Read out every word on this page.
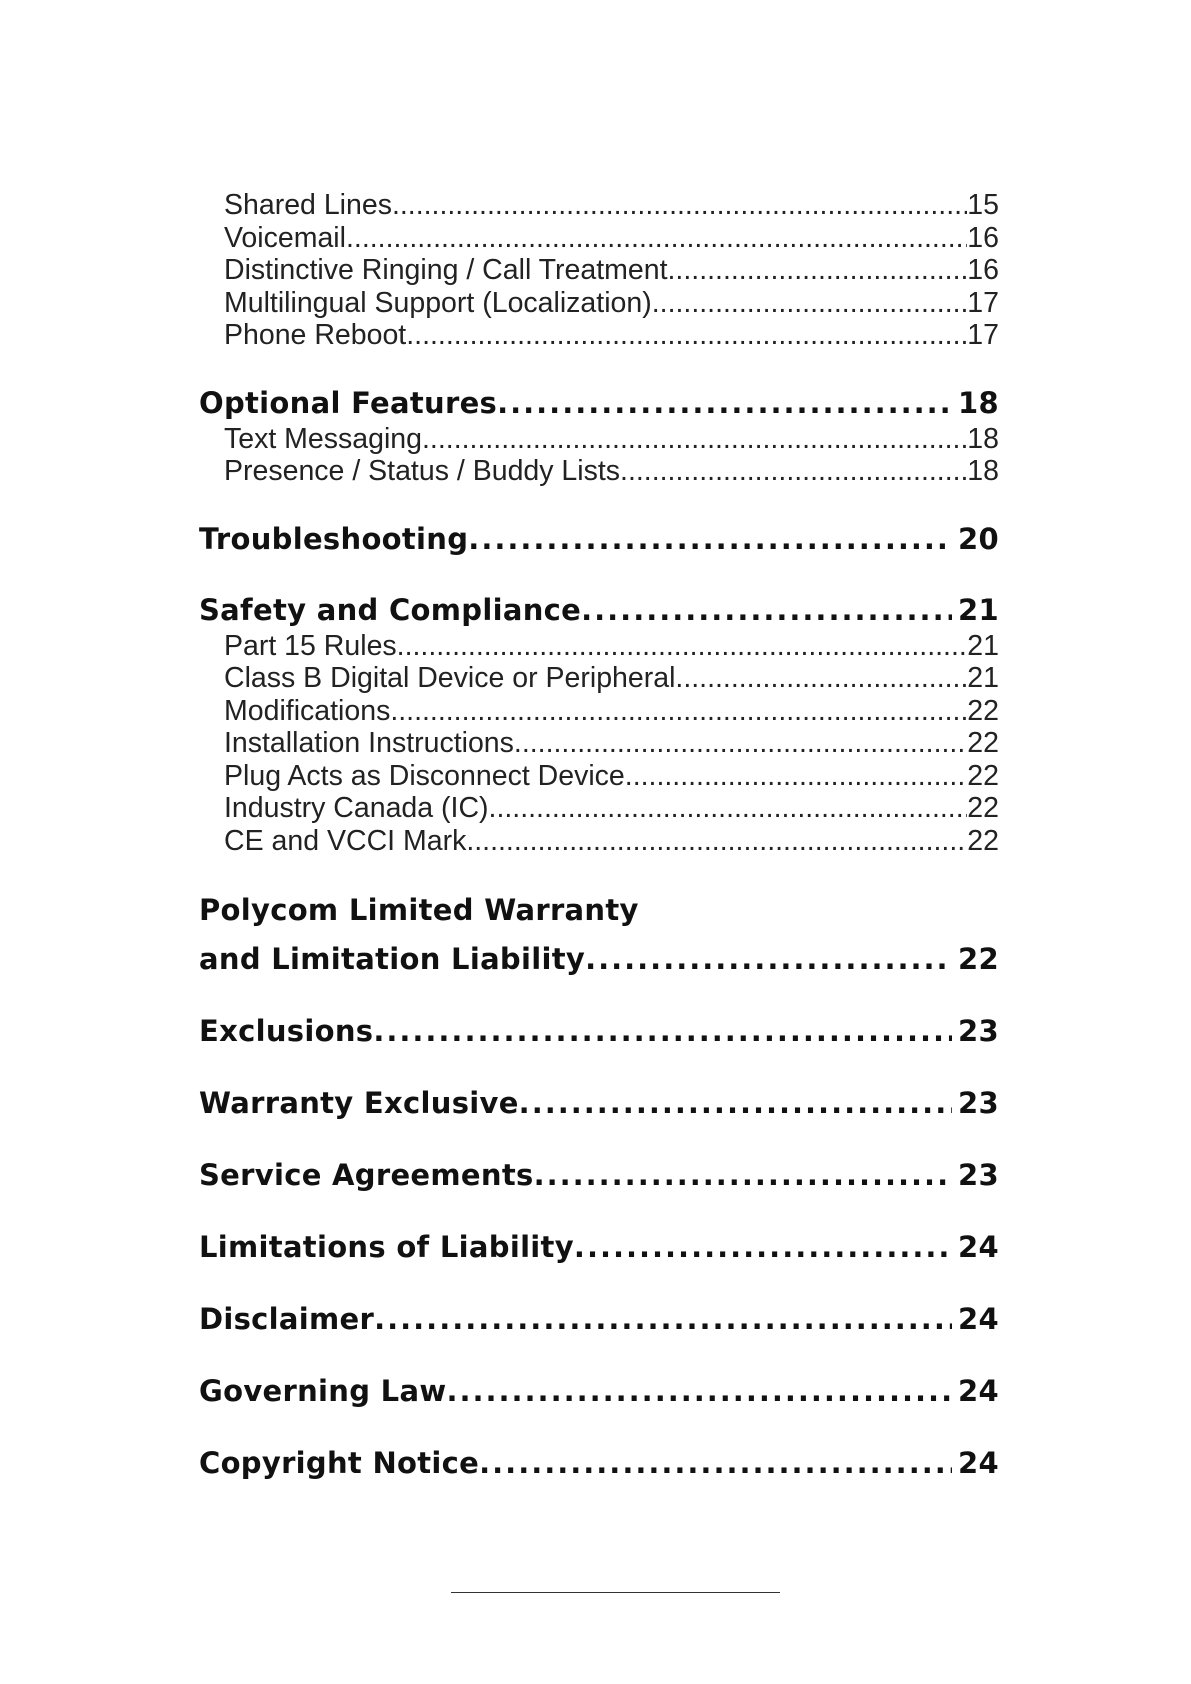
Shared Lines .....	15
Voicemail .....	16
Distinctive Ringing / Call Treatment .....	16
Multilingual Support (Localization) .....	17
Phone Reboot .....	17
Optional Features .....	18
Text Messaging .....	18
Presence / Status / Buddy Lists .....	18
Troubleshooting .....	20
Safety and Compliance .....	21
Part 15 Rules .....	21
Class B Digital Device or Peripheral .....	21
Modifications .....	22
Installation Instructions .....	22
Plug Acts as Disconnect Device .....	22
Industry Canada (IC) .....	22
CE and VCCI Mark .....	22
Polycom Limited Warranty
and Limitation Liability .....	22
Exclusions .....	23
Warranty Exclusive .....	23
Service Agreements .....	23
Limitations of Liability .....	24
Disclaimer .....	24
Governing Law .....	24
Copyright Notice .....	24
